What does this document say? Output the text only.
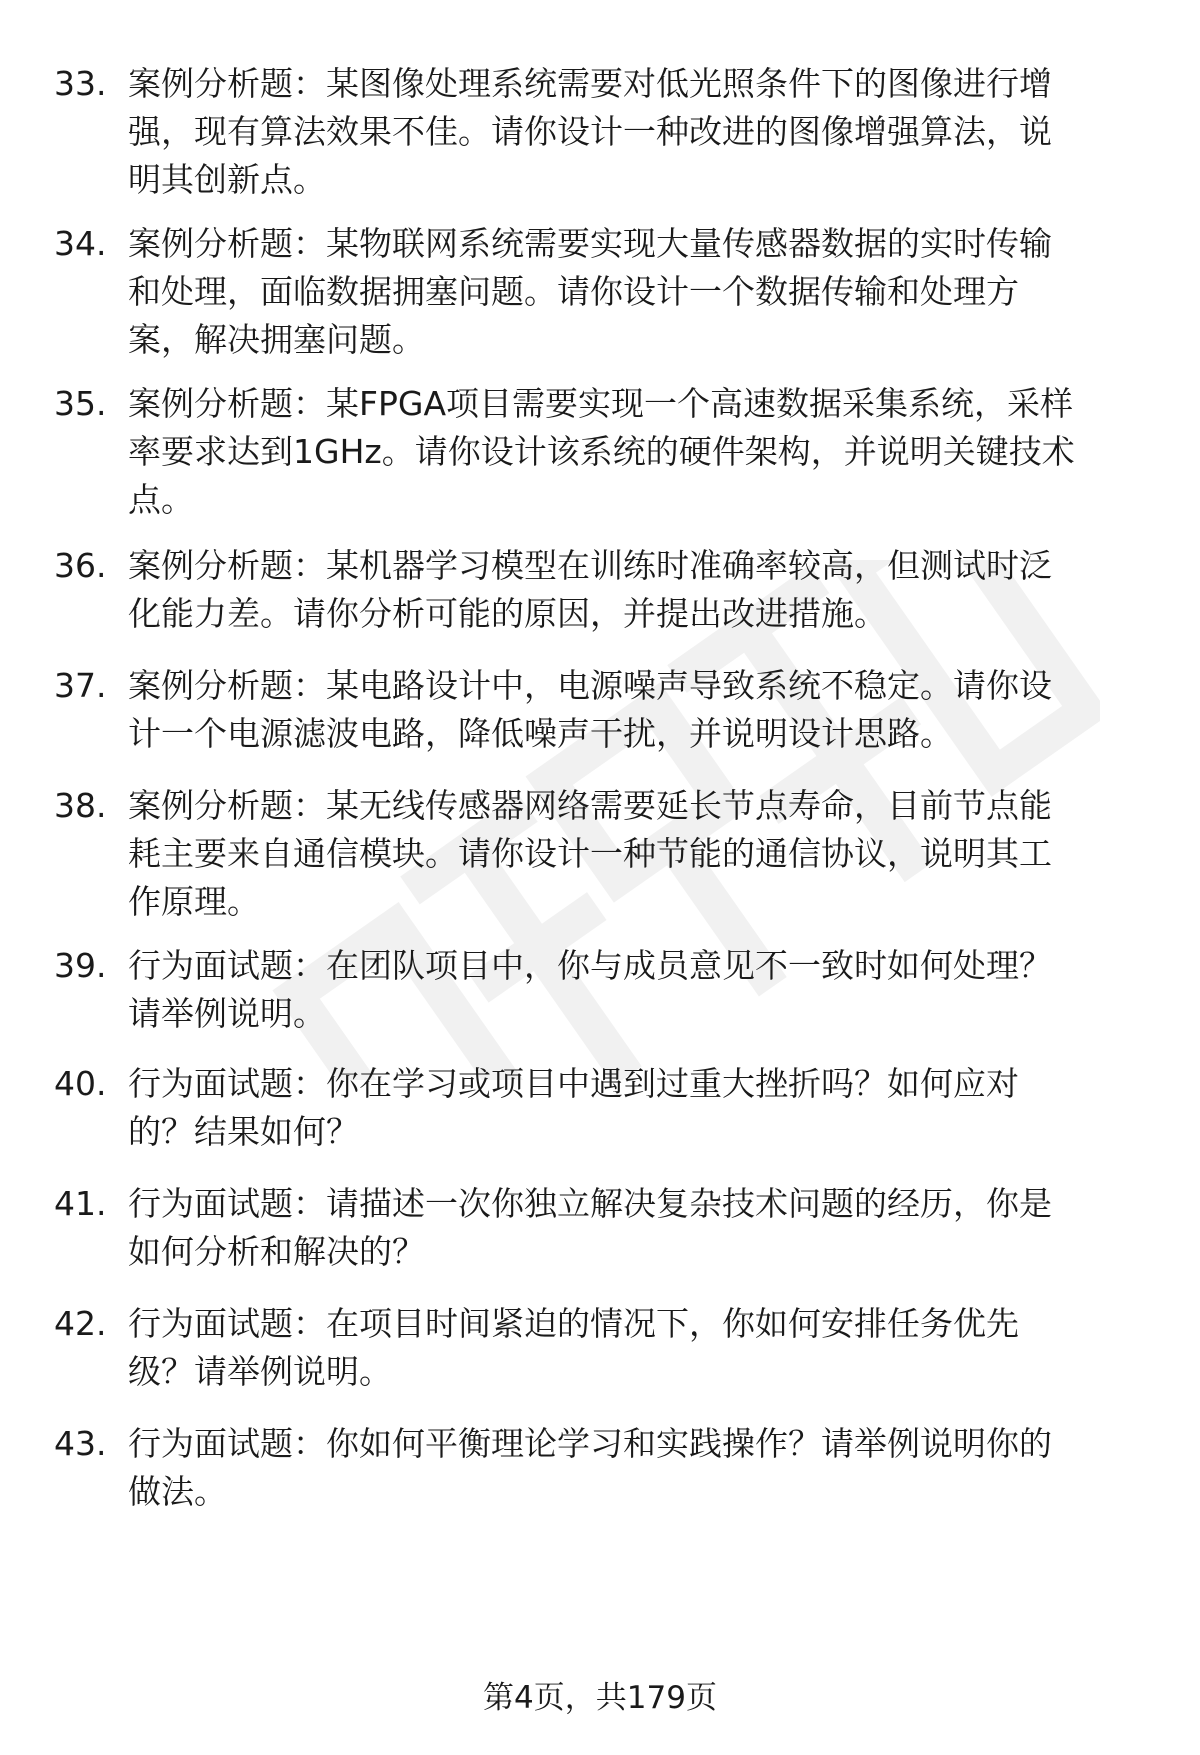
33. 案例分析题：某图像处理系统需要对低光照条件下的图像进行增
强，现有算法效果不佳。请你设计一种改进的图像增强算法，说
明其创新点。
34. 案例分析题：某物联网系统需要实现大量传感器数据的实时传输
和处理，面临数据拥塞问题。请你设计一个数据传输和处理方
案，解决拥塞问题。
35. 案例分析题：某FPGA项目需要实现一个高速数据采集系统，采样
率要求达到1GHz。请你设计该系统的硬件架构，并说明关键技术
点。
36. 案例分析题：某机器学习模型在训练时准确率较高，但测试时泛
化能力差。请你分析可能的原因，并提出改进措施。
37. 案例分析题：某电路设计中，电源噪声导致系统不稳定。请你设
计一个电源滤波电路，降低噪声干扰，并说明设计思路。
38. 案例分析题：某无线传感器网络需要延长节点寿命，目前节点能
耗主要来自通信模块。请你设计一种节能的通信协议，说明其工
作原理。
39. 行为面试题：在团队项目中，你与成员意见不一致时如何处理？
请举例说明。
40. 行为面试题：你在学习或项目中遇到过重大挫折吗？如何应对
的？结果如何？
41. 行为面试题：请描述一次你独立解决复杂技术问题的经历，你是
如何分析和解决的？
42. 行为面试题：在项目时间紧迫的情况下，你如何安排任务优先
级？请举例说明。
43. 行为面试题：你如何平衡理论学习和实践操作？请举例说明你的
做法。
第4页，共179页
